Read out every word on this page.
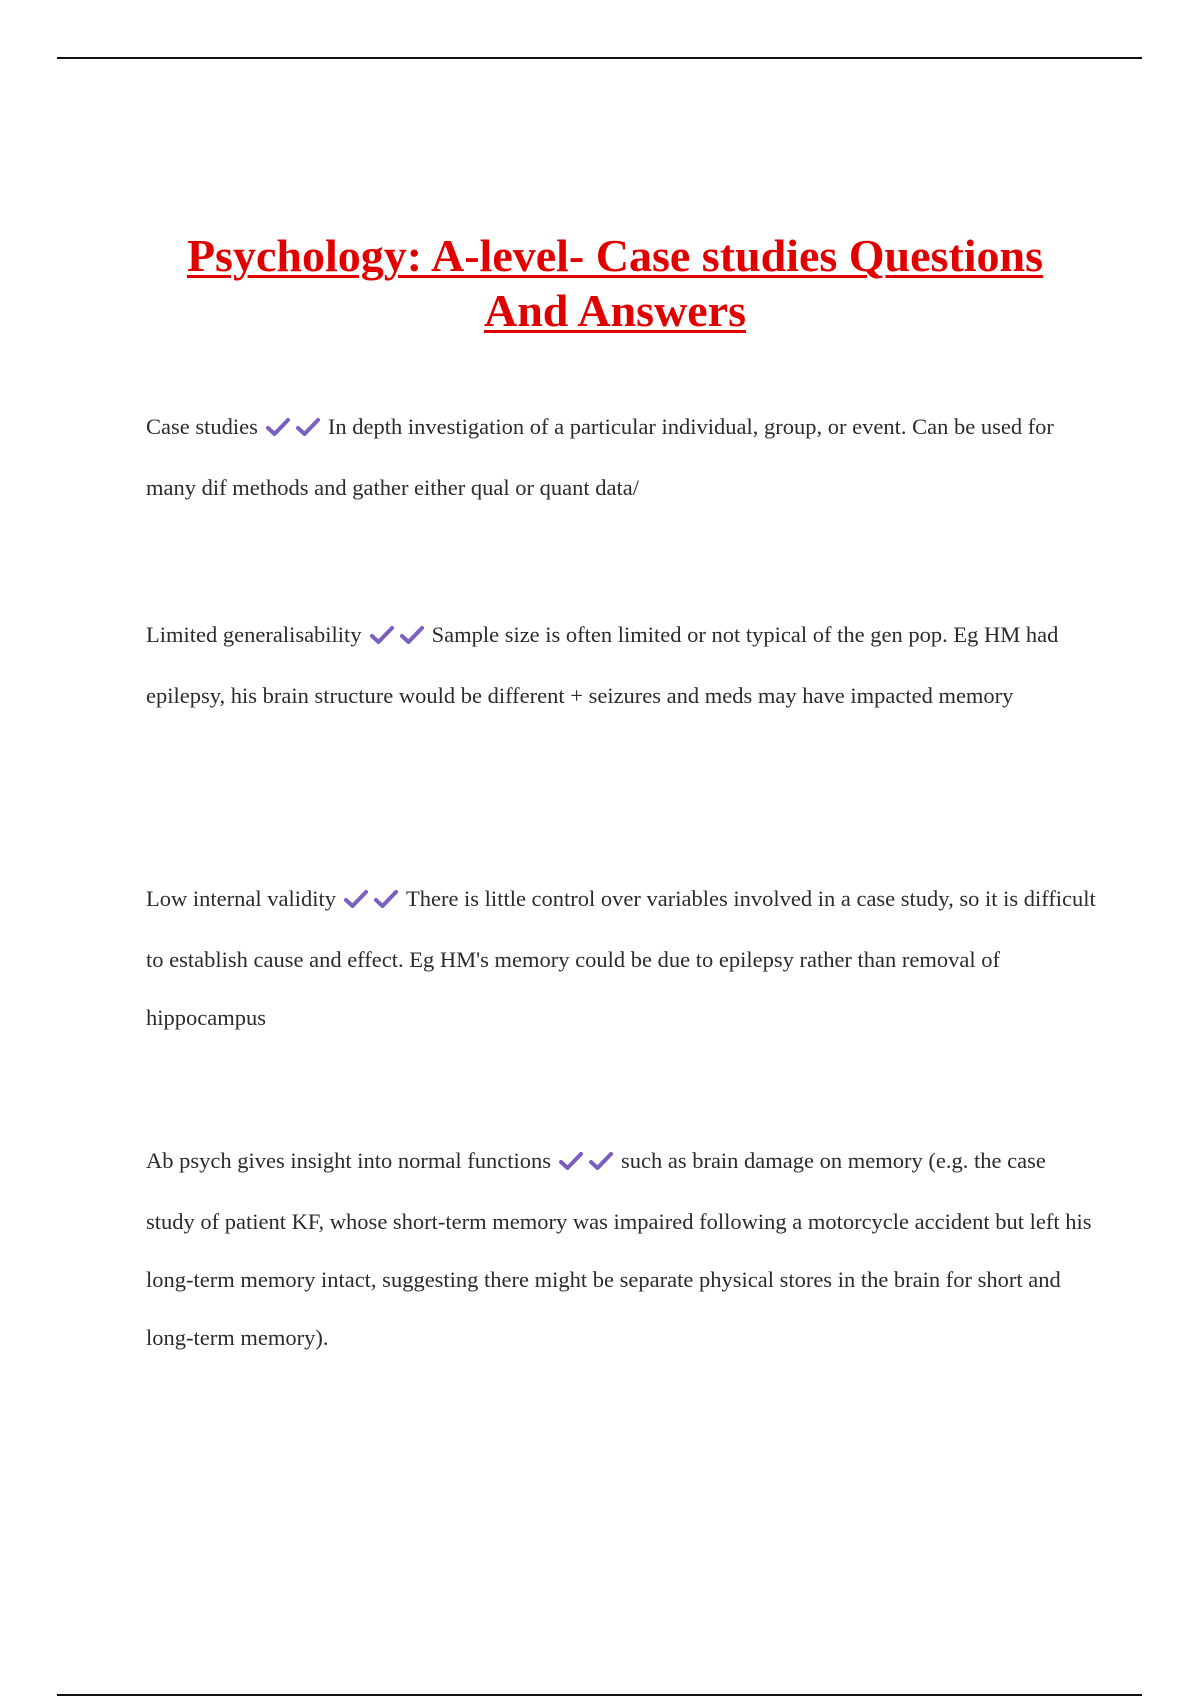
Psychology: A-level- Case studies Questions
And Answers

Case studies	In depth investigation of a particular individual, group, or event. Can be used for many dif methods and gather either qual or quant data/

Limited generalisability	Sample size is often limited or not typical of the gen pop. Eg HM had epilepsy, his brain structure would be different + seizures and meds may have impacted memory

Low internal validity	There is little control over variables involved in a case study, so it is difficult to establish cause and effect. Eg HM's memory could be due to epilepsy rather than removal of hippocampus

Ab psych gives insight into normal functions	such as brain damage on memory (e.g. the case study of patient KF, whose short-term memory was impaired following a motorcycle accident but left his long-term memory intact, suggesting there might be separate physical stores in the brain for short and long-term memory).
